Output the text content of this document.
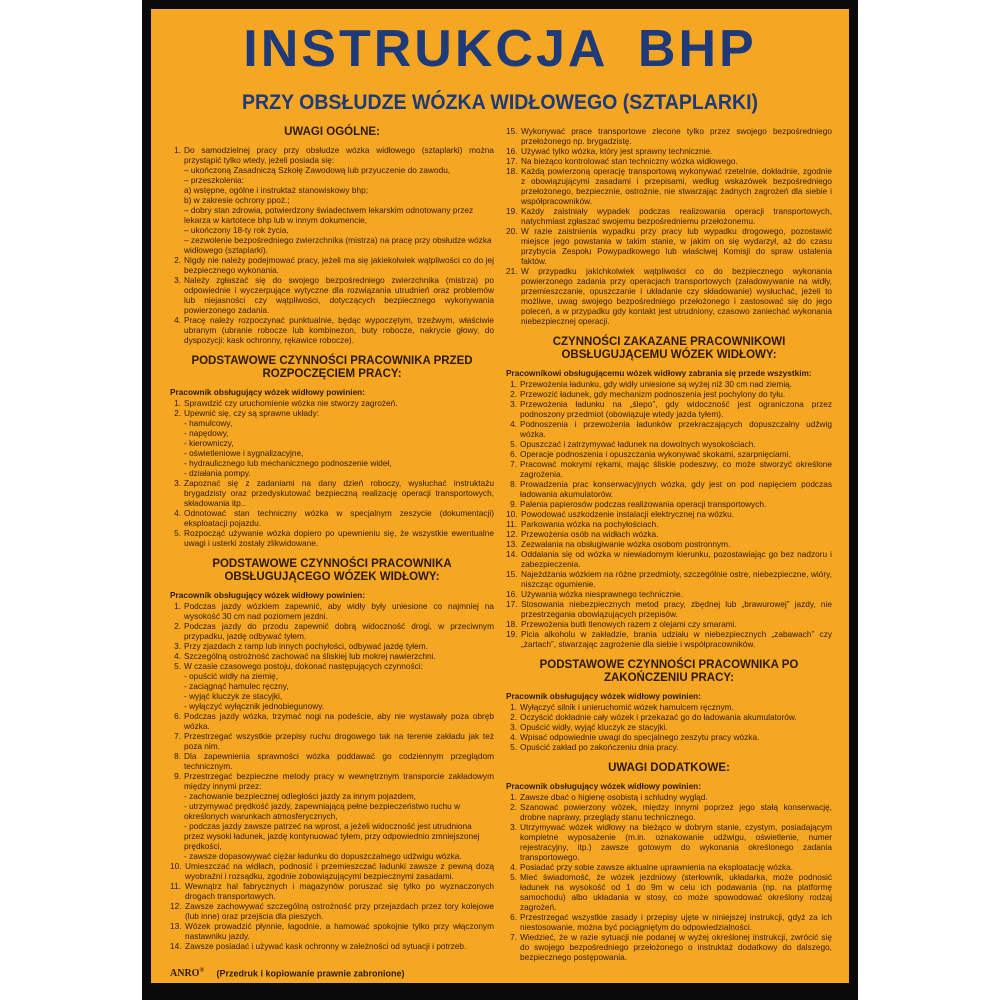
INSTRUKCJA BHP
PRZY OBSŁUDZE WÓZKA WIDŁOWEGO (SZTAPLARKI)
UWAGI OGÓLNE:
1. Do samodzielnej pracy przy obsłudze wózka widłowego (sztaplarki) można przystąpić tylko wtedy, jeżeli posiada się:
– ukończoną Zasadniczą Szkołę Zawodową lub przyuczenie do zawodu,
– przeszkolenia:
a) wstępne, ogólne i instruktaż stanowiskowy bhp;
b) w zakresie ochrony ppoż.;
– dobry stan zdrowia, potwierdzony świadectwem lekarskim odnotowany przez lekarza w kartotece bhp lub w innym dokumencie,
– ukończony 18-ty rok życia,
– zezwolenie bezpośredniego zwierzchnika (mistrza) na pracę przy obsłudze wózka widłowego (sztaplarki).
2. Nigdy nie należy podejmować pracy, jeżeli ma się jakiekolwiek wątpliwości co do jej bezpiecznego wykonania.
3. Należy zgłaszać się do swojego bezpośredniego zwierzchnika (mistrza) po odpowiednie i wyczerpujące wytyczne dla rozwiązania utrudnień oraz problemów lub niejasności czy wątpliwości, dotyczących bezpiecznego wykonywania powierzonego zadania.
4. Pracę należy rozpoczynać punktualnie, będąc wypoczętym, trzeźwym, właściwie ubranym (ubranie robocze lub kombinezon, buty robocze, nakrycie głowy, do dyspozycji: kask ochronny, rękawice robocze).
PODSTAWOWE CZYNNOŚCI PRACOWNIKA PRZED ROZPOCZĘCIEM PRACY:
Pracownik obsługujący wózek widłowy powinien:
1. Sprawdzić czy uruchomienie wózka nie stworzy zagrożeń.
2. Upewnić się, czy są sprawne układy:
- hamulcowy,
- napędowy,
- kierowniczy,
- oświetleniowe i sygnalizacyjne,
- hydraulicznego lub mechanicznego podnoszenie wideł,
- działania pompy.
3. Zapoznać się z zadaniami na dany dzień roboczy, wysłuchać instruktażu brygadzisty oraz przedyskutować bezpieczną realizację operacji transportowych, składowania itp..
4. Odnotować stan techniczny wózka w specjalnym zeszycie (dokumentacji) eksploatacji pojazdu.
5. Rozpocząć używanie wózka dopiero po upewnieniu się, że wszystkie ewentualne uwagi i usterki zostały zlikwidowane.
PODSTAWOWE CZYNNOŚCI PRACOWNIKA OBSŁUGUJĄCEGO WÓZEK WIDŁOWY:
Pracownik obsługujący wózek widłowy powinien:
1. Podczas jazdy wózkiem zapewnić, aby widły były uniesione co najmniej na wysokość 30 cm nad poziomem jezdni.
2. Podczas jazdy do przodu zapewnić dobrą widoczność drogi, w przeciwnym przypadku, jazdę odbywać tyłem.
3. Przy zjazdach z ramp lub innych pochyłości, odbywać jazdę tyłem.
4. Szczególną ostrożność zachować na śliskiej lub mokrej nawierzchni.
5. W czasie czasowego postoju, dokonać następujących czynności:
- opuścić widły na ziemię,
- zaciągnąć hamulec ręczny,
- wyjąć kluczyk ze stacyjki,
- wyłączyć wyłącznik jednobiegunowy.
6. Podczas jazdy wózka, trzymać nogi na podeście, aby nie wystawały poza obręb wózka.
7. Przestrzegać wszystkie przepisy ruchu drogowego tak na terenie zakładu jak też poza nim.
8. Dla zapewnienia sprawności wózka poddawać go codziennym przeglądom technicznym.
9. Przestrzegać bezpieczne metody pracy w wewnętrznym transporcie zakładowym między innymi przez:
- zachowanie bezpiecznej odległości jazdy za innym pojazdem,
- utrzymywać prędkość jazdy, zapewniającą pełne bezpieczeństwo ruchu w określonych warunkach atmosferycznych,
- podczas jazdy zawsze patrzeć na wprost, a jeżeli widoczność jest utrudniona przez wysoki ładunek, jazdę kontynuować tyłem, przy odpowiednio zmniejszonej prędkości,
- zawsze dopasowywać ciężar ładunku do dopuszczalnego udźwigu wózka.
10. Umieszczać na widłach, podnosić i przemieszczać ładunki zawsze z pewną dozą wyobraźni i rozsądku, zgodnie zobowiązującymi bezpiecznymi zasadami.
11. Wewnątrz hal fabrycznych i magazynów poruszać się tylko po wyznaczonych drogach transportowych.
12. Zawsze zachowywać szczególną ostrożność przy przejazdach przez tory kolejowe (lub inne) oraz przejścia dla pieszych.
13. Wózek prowadzić płynnie, łagodnie, a hamować spokojnie tylko przy włączonym nastawniku jazdy.
14. Zawsze posiadać i używać kask ochronny w zależności od sytuacji i potrzeb.
15. Wykonywać prace transportowe zlecone tylko przez swojego bezpośredniego przełożonego np. brygadzistę.
16. Używać tylko wózka, który jest sprawny technicznie.
17. Na bieżąco kontrolować stan techniczny wózka widłowego.
18. Każdą powierzoną operację transportową wykonywać rzetelnie, dokładnie, zgodnie z obowiązującymi zasadami i przepisami, według wskazówek bezpośredniego przełożonego, bezpiecznie, ostrożnie, nie stwarzając żadnych zagrożeń dla siebie i współpracowników.
19. Każdy zaistniały wypadek podczas realizowania operacji transportowych, natychmiast zgłaszać swojemu bezpośredniemu przełożonemu.
20. W razie zaistnienia wypadku przy pracy lub wypadku drogowego, pozostawić miejsce jego powstania w takim stanie, w jakim on się wydarzył, aż do czasu przybycia Zespołu Powypadkowego lub właściwej Komisji do spraw ustalenia faktów.
21. W przypadku jakichkolwiek wątpliwości co do bezpiecznego wykonania powierzonego zadania przy operacjach transportowych (załadowywanie na widły, przemieszczanie, opuszczanie i układanie czy składowanie) wysłuchać, jeżeli to możliwe, uwag swojego bezpośredniego przełożonego i zastosować się do jego poleceń, a w przypadku gdy kontakt jest utrudniony, czasowo zaniechać wykonania niebezpiecznej operacji.
CZYNNOŚCI ZAKAZANE PRACOWNIKOWI OBSŁUGUJĄCEMU WÓZEK WIDŁOWY:
Pracownikowi obsługującemu wózek widłowy zabrania się przede wszystkim:
1. Przewożenia ładunku, gdy widły uniesione są wyżej niż 30 cm nad ziemią.
2. Przewozić ładunek, gdy mechanizm podnoszenia jest pochylony do tyłu.
3. Przewożenia ładunku na „ślepo”, gdy widoczność jest ograniczona przez podnoszony przedmiot (obowiązuje wtedy jazda tyłem).
4. Podnoszenia i przewożenia ładunków przekraczających dopuszczalny udźwig wózka.
5. Opuszczać i zatrzymywać ładunek na dowolnych wysokościach.
6. Operacje podnoszenia i opuszczania wykonywać skokami, szarpnięciami.
7. Pracować mokrymi rękami, mając śliskie podeszwy, co może stworzyć określone zagrożenia.
8. Prowadzenia prac konserwacyjnych wózka, gdy jest on pod napięciem podczas ładowania akumulatorów.
9. Palenia papierosów podczas realizowania operacji transportowych.
10. Powodować uszkodzenie instalacji elektrycznej na wózku.
11. Parkowania wózka na pochyłościach.
12. Przewożenia osób na widłach wózka.
13. Zezwalania na obsługiwanie wózka osobom postronnym.
14. Oddalania się od wózka w niewiadomym kierunku, pozostawiając go bez nadzoru i zabezpieczenia.
15. Najeżdżania wózkiem na różne przedmioty, szczególnie ostre, niebezpieczne, wióry, niszcząc ogumienie.
16. Używania wózka niesprawnego technicznie.
17. Stosowania niebezpiecznych metod pracy, zbędnej lub „brawurowej” jazdy, nie przestrzegania obowiązujących przepisów.
18. Przewożenia butli tlenowych razem z olejami czy smarami.
19. Picia alkoholu w zakładzie, brania udziału w niebezpiecznych „zabawach” czy „żartach”, stwarzając zagrożenie dla siebie i współpracowników.
PODSTAWOWE CZYNNOŚCI PRACOWNIKA PO ZAKOŃCZENIU PRACY:
Pracownik obsługujący wózek widłowy powinien:
1. Wyłączyć silnik i unieruchomić wózek hamulcem ręcznym.
2. Oczyścić dokładnie cały wózek i przekazać go do ładowania akumulatorów.
3. Opuścić widły, wyjąć kluczyk ze stacyjki.
4. Wpisać odpowiednie uwagi do specjalnego zeszytu pracy wózka.
5. Opuścić zakład po zakończeniu dnia pracy.
UWAGI DODATKOWE:
Pracownik obsługujący wózek widłowy powinien:
1. Zawsze dbać o higienę osobistą i schludny wygląd.
2. Szanować powierzony wózek, między innymi poprzez jego stałą konserwację, drobne naprawy, przeglądy stanu technicznego.
3. Utrzymywać wózek widłowy na bieżąco w dobrym stanie, czystym, posiadającym kompletne wyposażenie (m.in. oznakowanie udźwigu, oświetlenie, numer rejestracyjny, itp.) zawsze gotowym do wykonania określonego zadania transportowego.
4. Posiadać przy sobie zawsze aktualne uprawnienia na eksploatację wózka.
5. Mieć świadomość, że wózek jezdniowy (sterłownik, układarka, może podnosić ładunek na wysokość od 1 do 9m w celu ich podawania (np. na platformę samochodu) albo układania w stosy, co może spowodować określony rodzaj zagrożeń.
6. Przestrzegać wszystkie zasady i przepisy ujęte w niniejszej instrukcji, gdyż za ich niestosowanie, można być pociągniętym do odpowiedzialności.
7. Wiedzieć, że w razie sytuacji nie podanej w wyżej określonej instrukcji, zwrócić się do swojego bezpośredniego przełożonego o instruktaż dodatkowy do dalszego, bezpiecznego postępowania.
ANRO® (Przedruk i kopiowanie prawnie zabronione)
